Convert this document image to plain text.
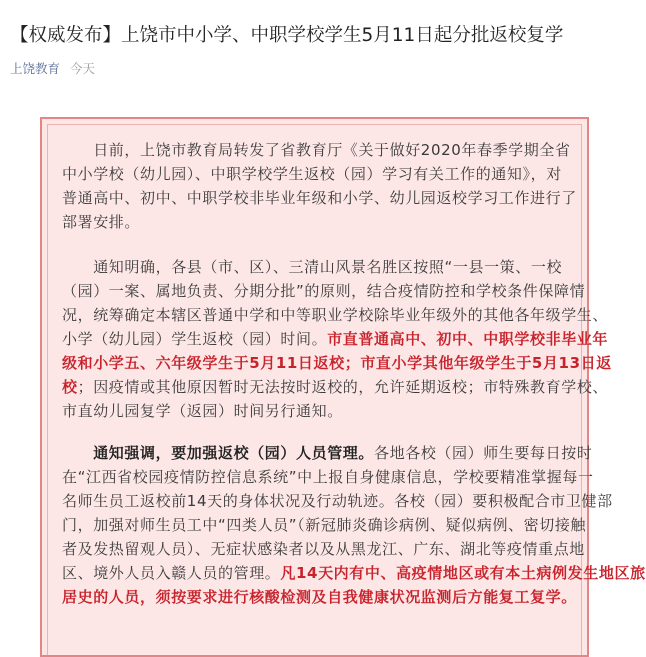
【权威发布】上饶市中小学、中职学校学生5月11日起分批返校复学
上饶教育 今天
　　日前，上饶市教育局转发了省教育厅《关于做好2020年春季学期全省
中小学校（幼儿园）、中职学校学生返校（园）学习有关工作的通知》，对
普通高中、初中、中职学校非毕业年级和小学、幼儿园返校学习工作进行了
部署安排。
　　通知明确，各县（市、区）、三清山风景名胜区按照“一县一策、一校
（园）一案、属地负责、分期分批”的原则，结合疫情防控和学校条件保障情
况，统筹确定本辖区普通中学和中等职业学校除毕业年级外的其他各年级学生、
小学（幼儿园）学生返校（园）时间。市直普通高中、初中、中职学校非毕业年
级和小学五、六年级学生于5月11日返校；市直小学其他年级学生于5月13日返
校；因疫情或其他原因暂时无法按时返校的，允许延期返校；市特殊教育学校、
市直幼儿园复学（返园）时间另行通知。
　　通知强调，要加强返校（园）人员管理。各地各校（园）师生要每日按时
在“江西省校园疫情防控信息系统”中上报自身健康信息，学校要精准掌握每一
名师生员工返校前14天的身体状况及行动轨迹。各校（园）要积极配合市卫健部
门，加强对师生员工中“四类人员”（新冠肺炎确诊病例、疑似病例、密切接触
者及发热留观人员）、无症状感染者以及从黑龙江、广东、湖北等疫情重点地
区、境外人员入赣人员的管理。凡14天内有中、高疫情地区或有本土病例发生地区旅
居史的人员，须按要求进行核酸检测及自我健康状况监测后方能复工复学。
